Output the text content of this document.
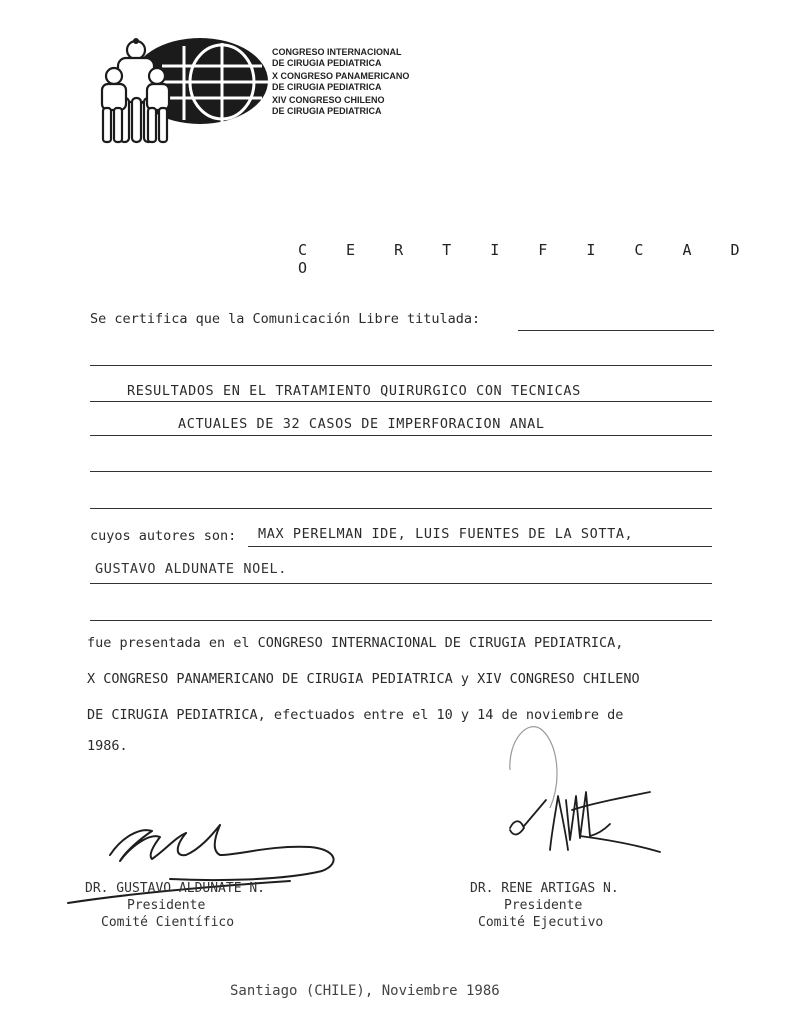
CONGRESO INTERNACIONAL
DE CIRUGIA PEDIATRICA
X CONGRESO PANAMERICANO
DE CIRUGIA PEDIATRICA
XIV CONGRESO CHILENO
DE CIRUGIA PEDIATRICA
C E R T I F I C A D O
Se certifica que la Comunicación Libre titulada:
RESULTADOS EN EL TRATAMIENTO QUIRURGICO CON TECNICAS
ACTUALES DE 32 CASOS DE IMPERFORACION ANAL
cuyos autores son: MAX PERELMAN IDE, LUIS FUENTES DE LA SOTTA,
GUSTAVO ALDUNATE NOEL.
fue presentada en el CONGRESO INTERNACIONAL DE CIRUGIA PEDIATRICA,
X CONGRESO PANAMERICANO DE CIRUGIA PEDIATRICA y XIV CONGRESO CHILENO
DE CIRUGIA PEDIATRICA, efectuados entre el 10 y 14 de noviembre de
1986.
DR. GUSTAVO ALDUNATE N.
Presidente
Comité Científico
DR. RENE ARTIGAS N.
Presidente
Comité Ejecutivo
Santiago (CHILE), Noviembre 1986
